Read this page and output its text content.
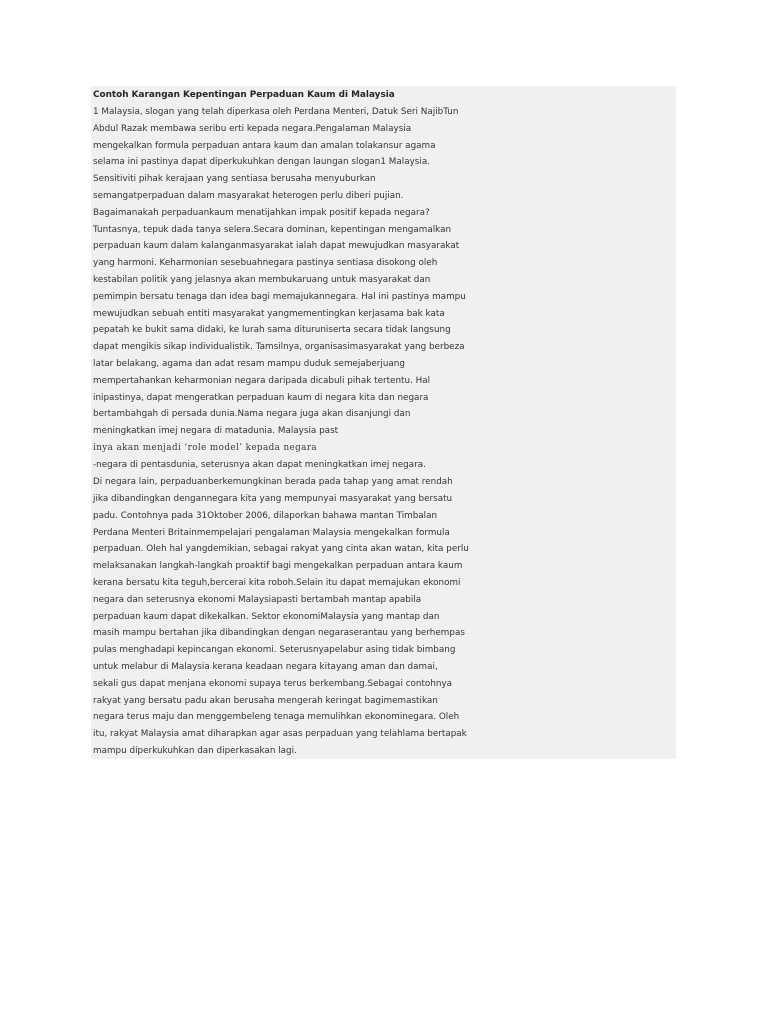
Contoh Karangan Kepentingan Perpaduan Kaum di Malaysia
1 Malaysia, slogan yang telah diperkasa oleh Perdana Menteri, Datuk Seri NajibTun
Abdul Razak membawa seribu erti kepada negara.Pengalaman Malaysia
mengekalkan formula perpaduan antara kaum dan amalan tolakansur agama
selama ini pastinya dapat diperkukuhkan dengan laungan slogan1 Malaysia.
Sensitiviti pihak kerajaan yang sentiasa berusaha menyuburkan
semangatperpaduan dalam masyarakat heterogen perlu diberi pujian.
Bagaimanakah perpaduankaum menatijahkan impak positif kepada negara?
Tuntasnya, tepuk dada tanya selera.Secara dominan, kepentingan mengamalkan
perpaduan kaum dalam kalanganmasyarakat ialah dapat mewujudkan masyarakat
yang harmoni. Keharmonian sesebuahnegara pastinya sentiasa disokong oleh
kestabilan politik yang jelasnya akan membukaruang untuk masyarakat dan
pemimpin bersatu tenaga dan idea bagi memajukannegara. Hal ini pastinya mampu
mewujudkan sebuah entiti masyarakat yangmementingkan kerjasama bak kata
pepatah ke bukit sama didaki, ke lurah sama dituruniserta secara tidak langsung
dapat mengikis sikap individualistik. Tamsilnya, organisasimasyarakat yang berbeza
latar belakang, agama dan adat resam mampu duduk semejaberjuang
mempertahankan keharmonian negara daripada dicabuli pihak tertentu. Hal
inipastinya, dapat mengeratkan perpaduan kaum di negara kita dan negara
bertambahgah di persada dunia.Nama negara juga akan disanjungi dan
meningkatkan imej negara di matadunia. Malaysia past
inya akan menjadi ‘role model’ kepada negara
-negara di pentasdunia, seterusnya akan dapat meningkatkan imej negara.
Di negara lain, perpaduanberkemungkinan berada pada tahap yang amat rendah
jika dibandingkan dengannegara kita yang mempunyai masyarakat yang bersatu
padu. Contohnya pada 31Oktober 2006, dilaporkan bahawa mantan Timbalan
Perdana Menteri Britainmempelajari pengalaman Malaysia mengekalkan formula
perpaduan. Oleh hal yangdemikian, sebagai rakyat yang cinta akan watan, kita perlu
melaksanakan langkah-langkah proaktif bagi mengekalkan perpaduan antara kaum
kerana bersatu kita teguh,bercerai kita roboh.Selain itu dapat memajukan ekonomi
negara dan seterusnya ekonomi Malaysiapasti bertambah mantap apabila
perpaduan kaum dapat dikekalkan. Sektor ekonomiMalaysia yang mantap dan
masih mampu bertahan jika dibandingkan dengan negaraserantau yang berhempas
pulas menghadapi kepincangan ekonomi. Seterusnyapelabur asing tidak bimbang
untuk melabur di Malaysia kerana keadaan negara kitayang aman dan damai,
sekali gus dapat menjana ekonomi supaya terus berkembang.Sebagai contohnya
rakyat yang bersatu padu akan berusaha mengerah keringat bagimemastikan
negara terus maju dan menggembeleng tenaga memulihkan ekonominegara. Oleh
itu, rakyat Malaysia amat diharapkan agar asas perpaduan yang telahlama bertapak
mampu diperkukuhkan dan diperkasakan lagi.
